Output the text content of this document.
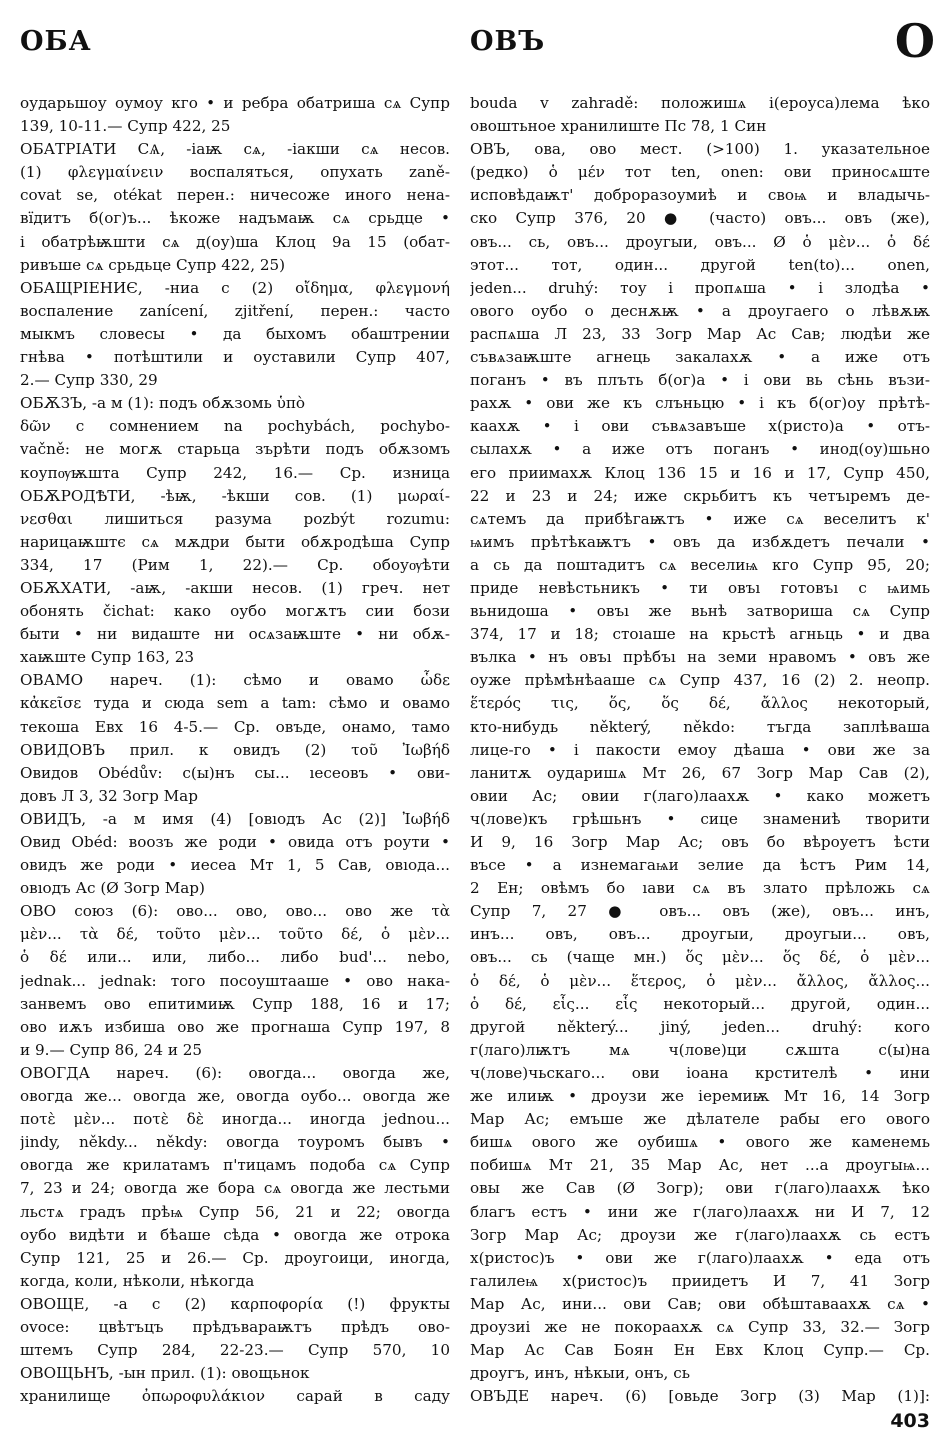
ОБА	ОВЪ	О
оударьшоу оумоу кго • и ребра обатриша сѧ Супр
139, 10-11.— Супр 422, 25
ОБАТРІАТИ СѦ, -іаѭ сѧ, -іакши сѧ несов.
(1) φλεγμαίνειν воспаляться, опухать zaně-
covat se, otékat перен.: ничесоже иного нена-
вїдитъ б(ог)ъ... ѣкоже надъмаѭ сѧ срьдце •
і обатрѣѭшти сѧ д(оу)ша Клоц 9а 15 (обат-
ривъше сѧ срьдьце Супр 422, 25)
ОБАЩРІЕНИЄ, -ниа с (2) οἴδημα, φλεγμονή
воспаление zanícení, zjitření, перен.: часто
мыкмъ словесы • да быхомъ обаштрении
гнѣва • потѣштили и оуставили Супр 407,
2.— Супр 330, 29
ОБѪЗЪ, -а м (1): подъ обѫзомь ὑπὸ
δῶν с сомнением na pochybách, pochybo-
vačně: не могѫ старьца зърѣти подъ обѫзомъ
коупѹѭшта Супр 242, 16.— Ср. изница
ОБѪРОДѢТИ, -ѣѭ, -ѣкши сов. (1) μωραί-
νεσθαι лишиться разума pozbýt rozumu:
нарицаѭштє сѧ мѫдри быти обѫродѣша Супр
334, 17 (Рим 1, 22).— Ср. обоуѹѣти
ОБѪХАТИ, -аѭ, -акши несов. (1) греч. нет
обонять čichat: како оубо могѫтъ сии бози
быти • ни видаште ни осѧзаѭште • ни обѫ-
хаѭште Супр 163, 23
ОВАМО нареч. (1): сѣмо и овамо ὧδε
κἀκεῖσε туда и сюда sem a tam: сѣмо и овамо
текоша Евх 16 4-5.— Ср. овъде, онамо, тамо
ОВИДОВЪ прил. к овидъ (2) τοῦ Ἰωβήδ
Овидов Obédův: с(ы)нъ сы... ıесеовъ • ови-
довъ Л 3, 32 Зогр Мар
ОВИДЪ, -а м имя (4) [овıодъ Ас (2)] Ἰωβήδ
Овид Obéd: воозъ же роди • овида отъ роути •
овидъ же роди • иесеа Мт 1, 5 Сав, овıода...
овıодъ Ас (Ø Зогр Мар)
ОВО союз (6): ово... ово, ово... ово же τὰ
μὲν... τὰ δέ, τοῦτο μὲν... τοῦτο δέ, ὁ μὲν...
ὁ δέ или... или, либо... либо bud'... nebo,
jednak... jednak: того посоуштааше • ово нака-
занвемъ ово епитимиѭ Супр 188, 16 и 17;
ово иѫъ избиша ово же прогнаша Супр 197, 8
и 9.— Супр 86, 24 и 25
ОВОГДА нареч. (6): овогда... овогда же,
овогда же... овогда же, овогда оубо... овогда же
ποτὲ μὲν... ποτὲ δὲ иногда... иногда jednou...
jindy, někdy... někdy: овогда тоуромъ бывъ •
овогда же крилатамъ п'тицамъ подоба сѧ Супр
7, 23 и 24; овогда же бора сѧ овогда же лестьми
льстѧ градъ прѣѩ Супр 56, 21 и 22; овогда
оубо видѣти и бѣаше сѣда • овогда же отрока
Супр 121, 25 и 26.— Ср. дроугоици, иногда,
когда, коли, нѣколи, нѣкогда
ОВОЩЕ, -а с (2) καρποφορία (!) фрукты
ovoce: цвѣтъцъ прѣдъвараѭтъ прѣдъ ово-
штемъ Супр 284, 22-23.— Супр 570, 10
ОВОЩЬНЪ, -ын прил. (1): овощьнок
хранилище ὀπωροφυλάκιον сарай в саду
bouda v zahradě: положишѧ і(ероуса)лема ѣко
овоштьное хранилиште Пс 78, 1 Син
ОВЪ, ова, ово мест. (>100) 1. указательное
(редко) ὁ μέν тот ten, onen: ови приносѧште
исповѣдаѭт' доброразоумиѣ и своѩ и владычь-
ско Супр 376, 20 ● (часто) овъ... овъ (же),
овъ... сь, овъ... дроугыи, овъ... Ø ὁ μὲν... ὁ δέ
этот... тот, один... другой ten(to)... onen,
jeden... druhý: тоу і пропѧша • і злодѣа •
ового оубо о деснѫѭ • а дроугаего о лѣвѫѭ
распѧша Л 23, 33 Зогр Мар Ас Сав; людѣи же
съвѧзаѭште агнець закалахѫ • а иже отъ
поганъ • въ плъть б(ог)а • і ови вь сѣнь възи-
рахѫ • ови же къ слъньцю • і къ б(ог)оу прѣтѣ-
каахѫ • і ови съвѧзавъше х(ристо)а • отъ-
сылахѫ • а иже отъ поганъ • инод(оу)шьно
его приимахѫ Клоц 136 15 и 16 и 17, Супр 450,
22 и 23 и 24; иже скрьбитъ къ четъıремъ де-
сѧтемъ да прибѣгаѭтъ • иже сѧ веселитъ к'
ѩимъ прѣтѣкаѭтъ • овъ да избѫдетъ печали •
а сь да поштадитъ сѧ веселиѩ кго Супр 95, 20;
приде невѣстьникъ • ти овъı готовъı с ѩимь
вьнидоша • овъı же вьнѣ затвориша сѧ Супр
374, 17 и 18; стоıаше на крьстѣ агньць • и два
вълка • нъ овъı прѣбъı на земи нравомъ • овъ же
оуже прѣмѣнѣааше сѧ Супр 437, 16 (2) 2. неопр.
ἕτερός τις, ὅς, ὅς δέ, ἄλλος некоторый,
кто-нибудь některý, někdo: тъгда заплѣваша
лице-го • і пакости емоу дѣаша • ови же за
ланитѫ оударишѧ Мт 26, 67 Зогр Мар Сав (2),
овии Ас; овии г(лаго)лаахѫ • како можетъ
ч(лове)къ грѣшьнъ • сице знамениѣ творити
И 9, 16 Зогр Мар Ас; овъ бо вѣроуетъ ѣсти
въсе • а изнемагаѩи зелие да ѣстъ Рим 14,
2 Ен; овѣмъ бо ıави сѧ въ злато прѣложь сѧ
Супр 7, 27 ● овъ... овъ (же), овъ... инъ,
инъ... овъ, овъ... дроугыи, дроугыи... овъ,
овъ... сь (чаще мн.) ὅς μὲν... ὅς δέ, ὁ μὲν...
ὁ δέ, ὁ μὲν... ἕτερος, ὁ μὲν... ἄλλος, ἄλλος...
ὁ δέ, εἷς... εἷς некоторый... другой, один...
другой některý... jiný, jeden... druhý: кого
г(лаго)лѭтъ мѧ ч(лове)ци сѫшта с(ы)на
ч(лове)чьскаго... ови іоана крстителѣ • ини
же илиѭ • дроузи же іеремиѭ Мт 16, 14 Зогр
Мар Ас; емъше же дѣлателе рабы его ового
бишѧ ового же оубишѧ • ового же каменемь
побишѧ Мт 21, 35 Мар Ас, нет ...а дроугыѩ...
овы же Сав (Ø Зогр); ови г(лаго)лаахѫ ѣко
благъ естъ • ини же г(лаго)лаахѫ ни И 7, 12
Зогр Мар Ас; дроузи же г(лаго)лаахѫ сь естъ
х(ристос)ъ • ови же г(лаго)лаахѫ • еда отъ
галилеѩ х(ристос)ъ приидетъ И 7, 41 Зогр
Мар Ас, ини... ови Сав; ови обѣштаваахѫ сѧ •
дроузиі же не покораахѫ сѧ Супр 33, 32.— Зогр
Мар Ас Сав Боян Ен Евх Клоц Супр.— Ср.
дроугъ, инъ, нѣкыи, онъ, сь
ОВЪДЕ нареч. (6) [овьде Зогр (3) Мар (1)]:
403
